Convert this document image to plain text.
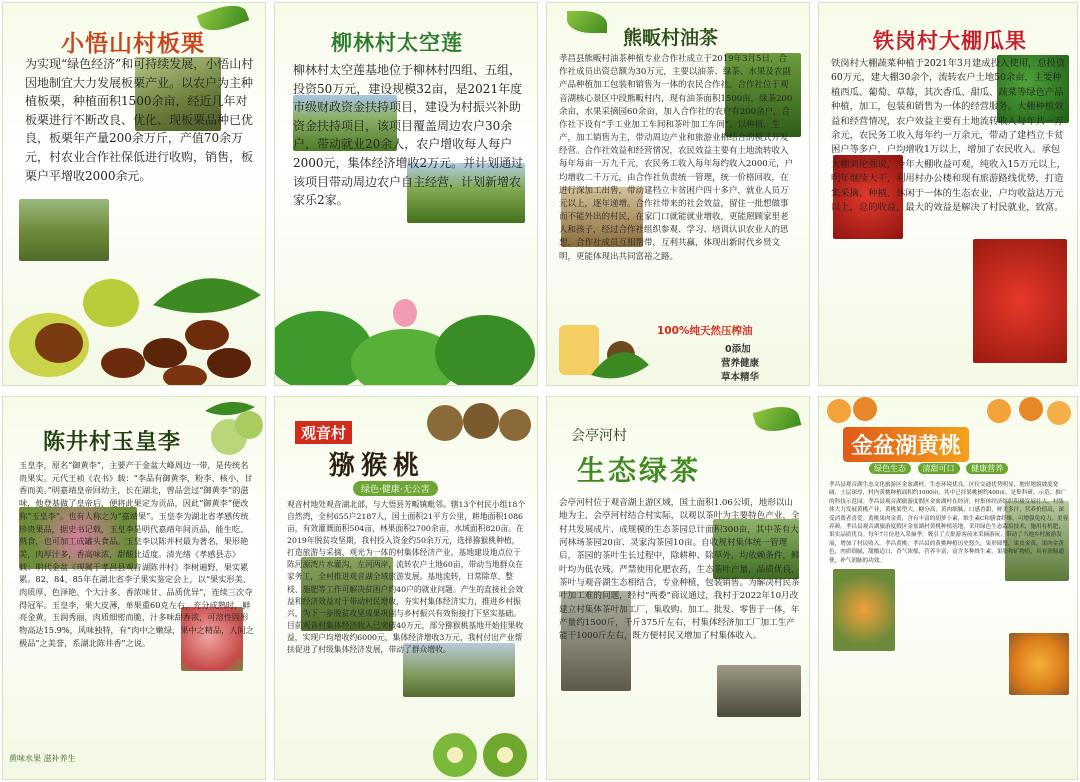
小悟山村板栗
为实现“绿色经济”和可持续发展，小悟山村因地制宜大力发展板栗产业。以农户为主种植板栗，种植面积1500余亩，经近几年对板栗进行不断改良、优化、现板栗品种已优良，板栗年产量200余万斤，产值70余万元，村农业合作社保低进行收购，销售，板栗户平增收2000余元。
柳林村太空莲
柳林村太空莲基地位于柳林村四组、五组，投资50万元，建设规模32亩，是2021年度市级财政资金扶持项目，建设为村振兴补助资金扶持项目，该项目覆盖周边农户30余户，带动就业20余人，农户增收每人每户2000元，集体经济增收2万元。并计划通过该项目带动周边农户自主经营，计划新增农家乐2家。
熊畈村油茶
孝昌县熊畈村油茶种植专业合作社成立于2019年3月5日，合作社成员出资总额为30万元，主要以油茶、绿茶、水果及农副产品种植加工包装和销售为一体的农民合作社。合作社位于观音湖核心景区中段熊畈村内，现有油茶面积1500亩，绿茶200余亩，水果采摘园60余亩，加入合作社的农户有200余户，合作社下设有“手工业加工车间和茶叶加工车间”。以种植，生产，加工销售为主，带动周边产业和旅游业相结合的模式开发经营。合作社效益和经营情况，农民效益主要有土地流转收入每年每亩一万九千元，农民务工收入每年每约收入2000元，户均增收二千万元，由合作社负责统一管理，统一价格回收，在进行深加工出售，带动建档立卡贫困户四十多户，就业人员万元以上，逐年递增。合作社带来的社会效益，留住一批想做事而不能外出的村民，在家门口就能就业增收，更能照顾家里老人和孩子，经过合作社组织参观、学习、培训认识农业人的思想，合作社成员互相帮带，互利共赢，体现出新时代乡贤文明，更能体现出共同富裕之路。
100%纯天然压榨油
0添加
营养健康
草本精华
铁岗村大棚瓜果
铁岗村大棚蔬菜种植于2021年3月建成投入使用，总投资60万元，建大棚30余个，流转农户土地50余亩，主要种植西瓜、葡萄、草莓，其次香瓜、甜瓜、蔬菜等绿色产品种植，加工，包装和销售为一体的经营服务。大棚种植效益和经营情况，农户效益主要有土地流转收入每年共一万余元，农民务工收入每年约一万余元，带动了建档立卡贫困户等多户，户均增收1万以上，增加了农民收入。承包大棚刘伦强说，今年大棚收益可观，纯收入15万元以上，明年继续大干，利用村办公楼和现有旅游路线优势，打造集采摘、种植、休闲于一体的生态农业，户均收益达万元以上，总的收益，最大的效益是解决了村民就业，致富。
陈井村玉皇李
玉皇李，原名“御黄李”，主要产于金盆大峰周边一带，是传统名贵果实。元代王祯《农书》载：“李品有御黄李，粉李、核小、甘香而美。”明嘉靖皇帝回幼主，长在湖北，曾品尝过“御黄李”的滋味，他登基做了皇帝后，便将此果定为贡品，因此“御黄李”便改称“玉皇李”。也有人称之为“嘉靖果”。玉皇李为湖北省孝感传统珍贵果品，据史书记载，玉皇李是明代嘉靖年间贡品，能生吃、熟食，也可加工成罐头食品。玉皇李以陈井村最为著名，果形艳美，肉厚汁多，香高味浓，甜酸比适度。清光绪《孝感县志》载：明代金盆《现属于孝昌县观音湖陈井村》李树遍野，果实累累。82、84、85年在湖北省李子果实鉴定会上，以“果实形美、肉质厚、色泽艳、个大汁多、香浓味甘、品质优异”，连续三次夺得冠军。玉皇李，果大皮薄，单果重60克左右，充分成熟时，鲜亮金黄，玉润秀丽，肉质细密而脆，汁多味甜香浓，可溶性固形物高达15.9%，风味独特，有“肉中之嫩绿，果中之精品，人间之极品”之美誉，系湖北陈井香”之说。
黄味水果 滋补养生
观音村
猕猴桃
绿色·健康·无公害
观音村地处观音湖北部，与大悟县芳畈镇毗邻。辖13个村民小组18个自然湾，全村655户2187人，国土面积21平方公里，耕地面积1086亩，有效灌溉面积504亩，林果面积2700余亩，水域面积820亩。在2019年脱贫攻坚期，我村投入资金约50余万元，选择猕猴桃种植，打造旅游与采摘、观光为一体的村集体经济产业，基地建设地点位于陈河源湾片水灌沟，左河两岸，流转农户土地60亩，带动当地群众在家务工，全村推进观音湖全域旅游发展。基地流转，日常除草、整枝、施肥等工作可解决贫困户约40户的就业问题。产生的直接社会效益和经济效益对于带动村民增收，夯实村集体经济实力，推进乡村振兴，为下一步脱贫攻坚成果巩固与乡村振兴有效衔接打下坚实基础。目前观音村集体经济收入已突破40万元，部分猕猴桃基地开始挂果收益，实现户均增收约6000元，集体经济增收3万元，我村付出产业帮扶促进了村级集体经济发展，带动了群众增收。
会亭河村
生态绿茶
会亭河村位于观音湖上游区域，国土面积1.06公顷，地形以山地为主，会亭河村结合村实际，以观以茶叶为主要特色产业，全村共发展成片、成规模的生态茶园总计面积300亩，其中茶有大河林场茶园20亩、灵家沟茶园10亩。自收规村集体统一管理后，茶园的茶叶生长过程中，除耕种、除草外，均依赖条件，鲜叶均为低农残，严禁使用化肥农药，生态茶叶产量，品质优良，茶叶与观音湖生态相结合，专业种植，包装销售。为解决村民茶叶加工难的问题，经村“两委”商议通过，我村于2022年10月改建立村集体茶叶加工厂，集收购、加工、批发、零售于一体，年产量约1500斤，千斤375斤左右，村集体经济加工厂加工生产能干1000斤左右，既方便村民又增加了村集体收入。
金盆湖黄桃
绿色生态 清甜可口 健康营养
孝昌县观音湖生态文化旅游区金盆湖村，生态环境优良，区位交通优势明显，地形地貌坡度宽阔，土层深厚，村内黄桃种植面积约1000亩，其中已挂果桃树约400亩。是集科研、示范、推广的科技示范园。孝昌县观音湖旅游度假区金盆湖村在经济，村集体经济组织积极发展壮大，村集体大力发展黄桃产业，黄桃果型大，糖分高，黄肉细腻，口感香甜，鲜美多汁，营养价值高，深受消费者喜爱。黄桃果肉金黄，含有丰富的胡萝卜素，维生素C和膳食纤维，可增强免疫力，美容养颜。孝昌县观音湖旅游度假区金盆湖村黄桃种植基地，采用绿色生态栽培技术，施用有机肥，果实品质优良。每年7月份进入采摘季，吸引了大批游客前来采摘游玩，带动了当地乡村旅游发展，增加了村民收入。孝昌黄桃：孝昌县的黄桃种植历史悠久，果形圆整，果皮金黄，果肉金黄色，肉质细腻，甜酸适口，香气浓郁，营养丰富，富含多种维生素，果胶和矿物质，具有润肠通便，补气润肺的功效。
